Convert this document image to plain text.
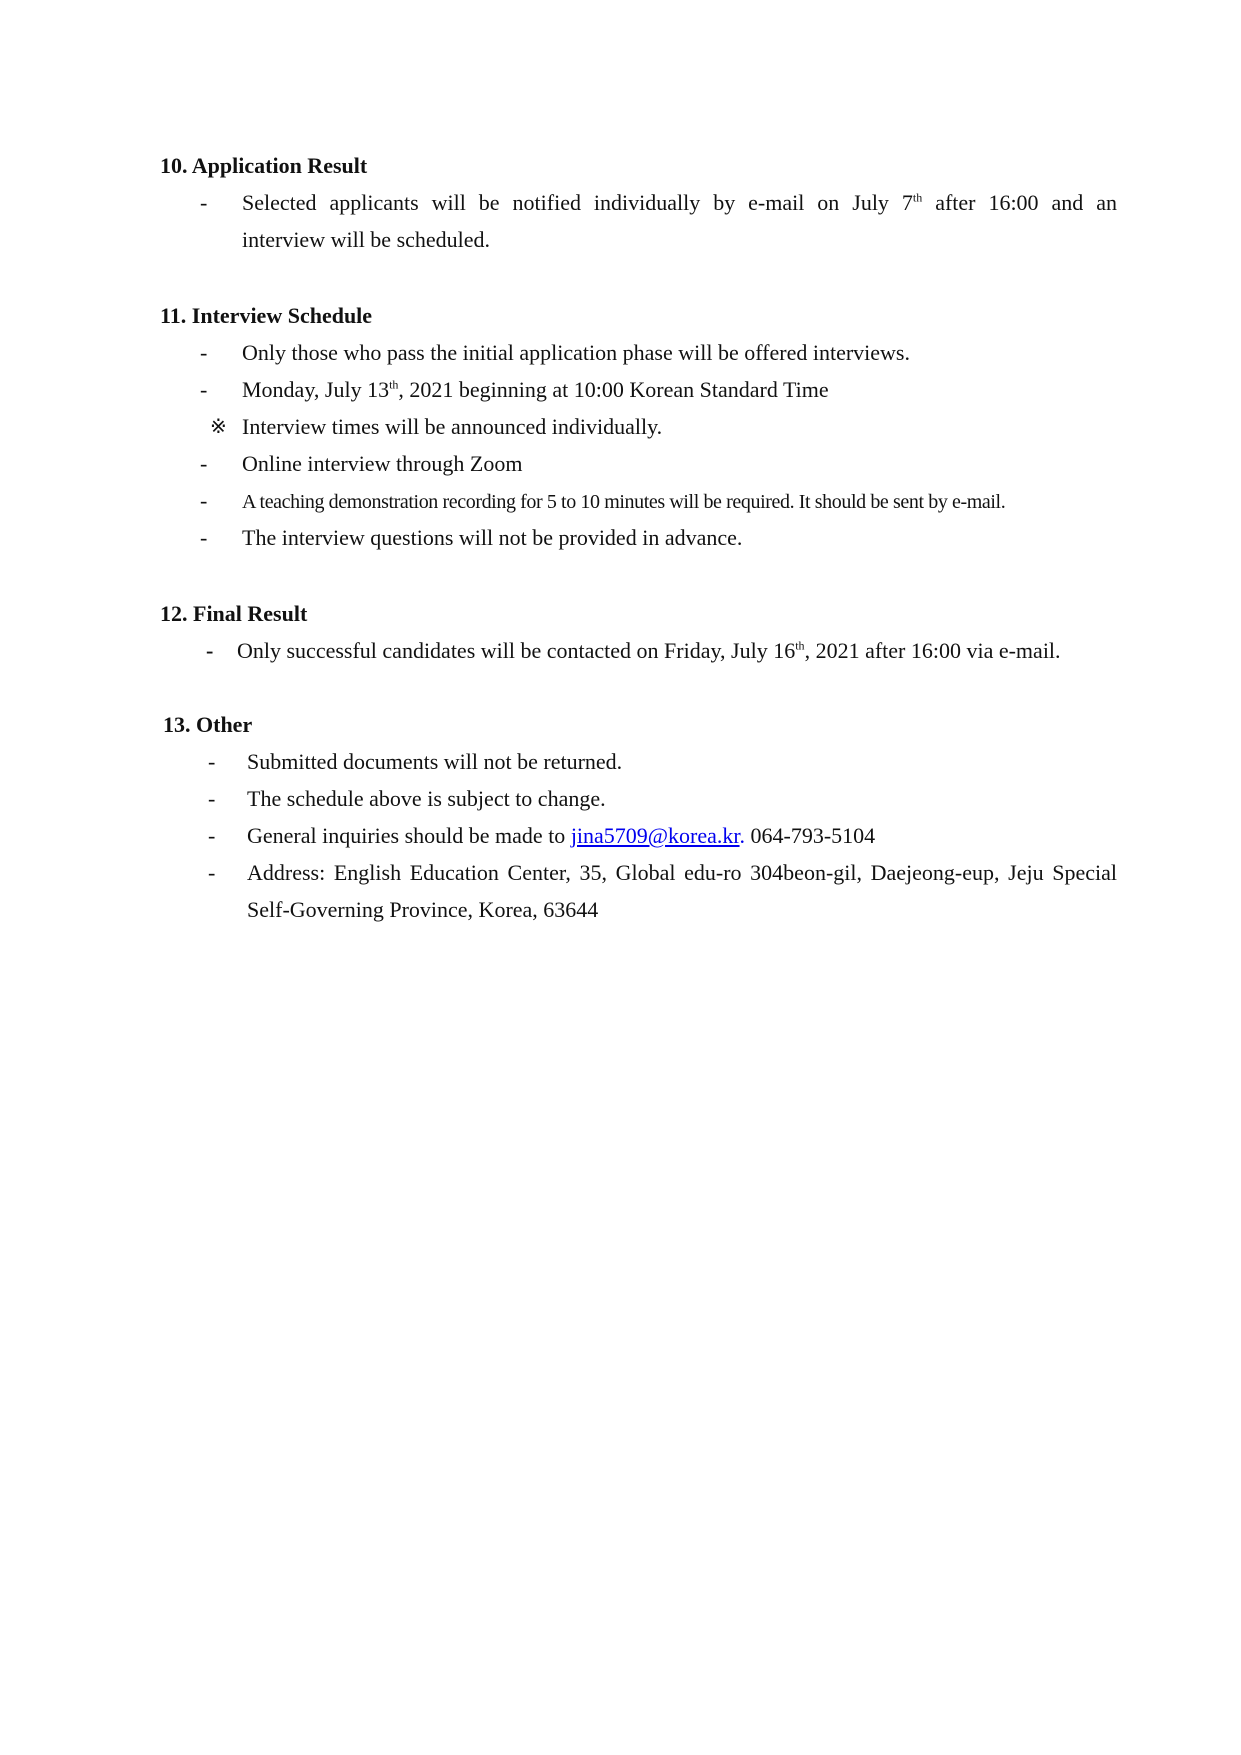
10. Application Result
- Selected applicants will be notified individually by e-mail on July 7th after 16:00 and an
interview will be scheduled.
11. Interview Schedule
- Only those who pass the initial application phase will be offered interviews.
- Monday, July 13th, 2021 beginning at 10:00 Korean Standard Time
※ Interview times will be announced individually.
- Online interview through Zoom
- A teaching demonstration recording for 5 to 10 minutes will be required. It should be sent by e-mail.
- The interview questions will not be provided in advance.
12. Final Result
- Only successful candidates will be contacted on Friday, July 16th, 2021 after 16:00 via e-mail.
13. Other
- Submitted documents will not be returned.
- The schedule above is subject to change.
- General inquiries should be made to jina5709@korea.kr. 064-793-5104
- Address: English Education Center, 35, Global edu-ro 304beon-gil, Daejeong-eup, Jeju Special
Self-Governing Province, Korea, 63644
